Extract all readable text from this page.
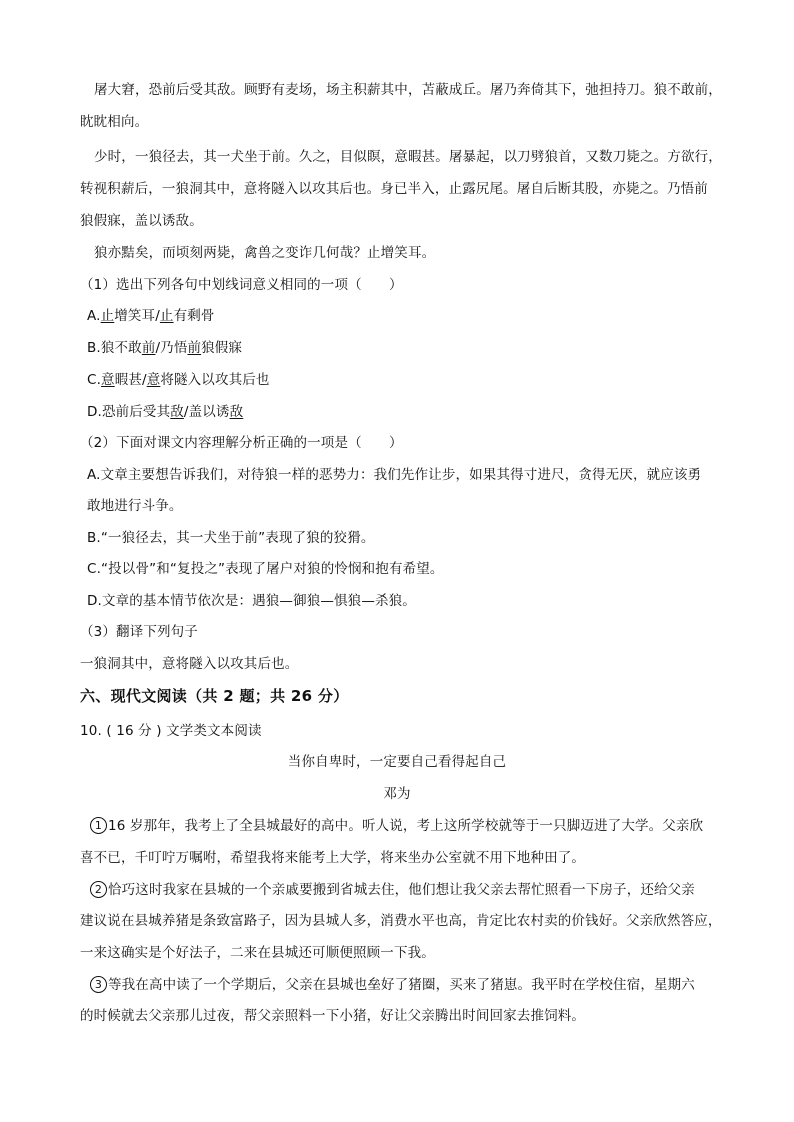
屠大窘，恐前后受其敌。顾野有麦场，场主积薪其中，苫蔽成丘。屠乃奔倚其下，弛担持刀。狼不敢前，
眈眈相向。
少时，一狼径去，其一犬坐于前。久之，目似瞑，意暇甚。屠暴起，以刀劈狼首，又数刀毙之。方欲行，
转视积薪后，一狼洞其中，意将隧入以攻其后也。身已半入，止露尻尾。屠自后断其股，亦毙之。乃悟前
狼假寐，盖以诱敌。
狼亦黠矣，而顷刻两毙，禽兽之变诈几何哉？止增笑耳。
（1）选出下列各句中划线词意义相同的一项（　　）
A.止增笑耳/止有剩骨
B.狼不敢前/乃悟前狼假寐
C.意暇甚/意将隧入以攻其后也
D.恐前后受其敌/盖以诱敌
（2）下面对课文内容理解分析正确的一项是（　　）
A.文章主要想告诉我们，对待狼一样的恶势力：我们先作让步，如果其得寸进尺，贪得无厌，就应该勇
敢地进行斗争。
B.“一狼径去，其一犬坐于前”表现了狼的狡猾。
C.“投以骨”和“复投之”表现了屠户对狼的怜悯和抱有希望。
D.文章的基本情节依次是：遇狼—御狼—惧狼—杀狼。
（3）翻译下列句子
一狼洞其中，意将隧入以攻其后也。
六、现代文阅读（共 2 题；共 26 分）
10. ( 16 分 ) 文学类文本阅读
当你自卑时，一定要自己看得起自己
邓为
1 16 岁那年，我考上了全县城最好的高中。听人说，考上这所学校就等于一只脚迈进了大学。父亲欣
喜不已，千叮咛万嘱咐，希望我将来能考上大学，将来坐办公室就不用下地种田了。
2 恰巧这时我家在县城的一个亲戚要搬到省城去住，他们想让我父亲去帮忙照看一下房子，还给父亲
建议说在县城养猪是条致富路子，因为县城人多，消费水平也高，肯定比农村卖的价钱好。父亲欣然答应，
一来这确实是个好法子，二来在县城还可顺便照顾一下我。
3 等我在高中读了一个学期后，父亲在县城也垒好了猪圈，买来了猪崽。我平时在学校住宿，星期六
的时候就去父亲那儿过夜，帮父亲照料一下小猪，好让父亲腾出时间回家去推饲料。
